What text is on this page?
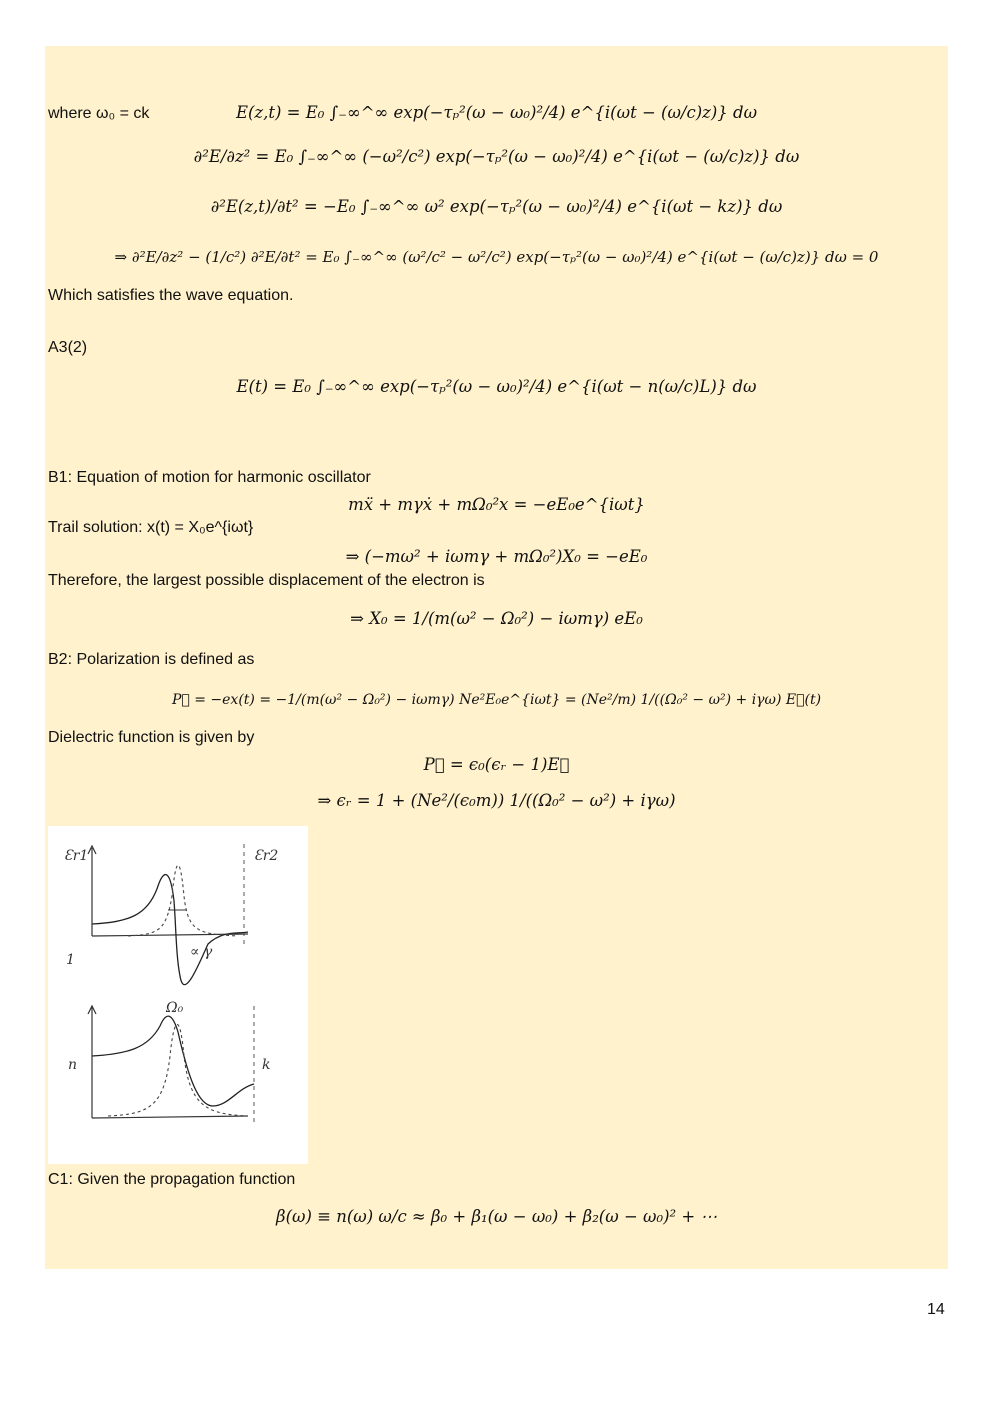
E(z,t) = E₀ ∫₋∞^∞ exp(−τₚ²(ω − ω₀)²/4) e^{i(ωt − (ω/c)z)} dω
where ω₀ = ck
∂²E/∂z² = E₀ ∫₋∞^∞ (−ω²/c²) exp(−τₚ²(ω − ω₀)²/4) e^{i(ωt − (ω/c)z)} dω
∂²E(z,t)/∂t² = −E₀ ∫₋∞^∞ ω² exp(−τₚ²(ω − ω₀)²/4) e^{i(ωt − kz)} dω
⇒ ∂²E/∂z² − (1/c²) ∂²E/∂t² = E₀ ∫₋∞^∞ (ω²/c² − ω²/c²) exp(−τₚ²(ω − ω₀)²/4) e^{i(ωt − (ω/c)z)} dω = 0
Which satisfies the wave equation.
A3(2)
E(t) = E₀ ∫₋∞^∞ exp(−τₚ²(ω − ω₀)²/4) e^{i(ωt − n(ω/c)L)} dω
B1: Equation of motion for harmonic oscillator
mẍ + mγẋ + mΩ₀²x = −eE₀e^{iωt}
Trail solution: x(t) = X₀e^{iωt}
⇒ (−mω² + iωmγ + mΩ₀²)X₀ = −eE₀
Therefore, the largest possible displacement of the electron is
⇒ X₀ = 1/(m(ω² − Ω₀²) − iωmγ) eE₀
B2: Polarization is defined as
P⃗ = −ex(t) = −1/(m(ω² − Ω₀²) − iωmγ) Ne²E₀e^{iωt} = (Ne²/m) 1/((Ω₀² − ω²) + iγω) E⃗(t)
Dielectric function is given by
P⃗ = ϵ₀(ϵᵣ − 1)E⃗
⇒ ϵᵣ = 1 + (Ne²/(ϵ₀m)) 1/((Ω₀² − ω²) + iγω)
Ɛr1	Ɛr2
1	∝ γ
Ω₀
n	k
C1: Given the propagation function
β(ω) ≡ n(ω) ω/c ≈ β₀ + β₁(ω − ω₀) + β₂(ω − ω₀)² + ⋯
14
